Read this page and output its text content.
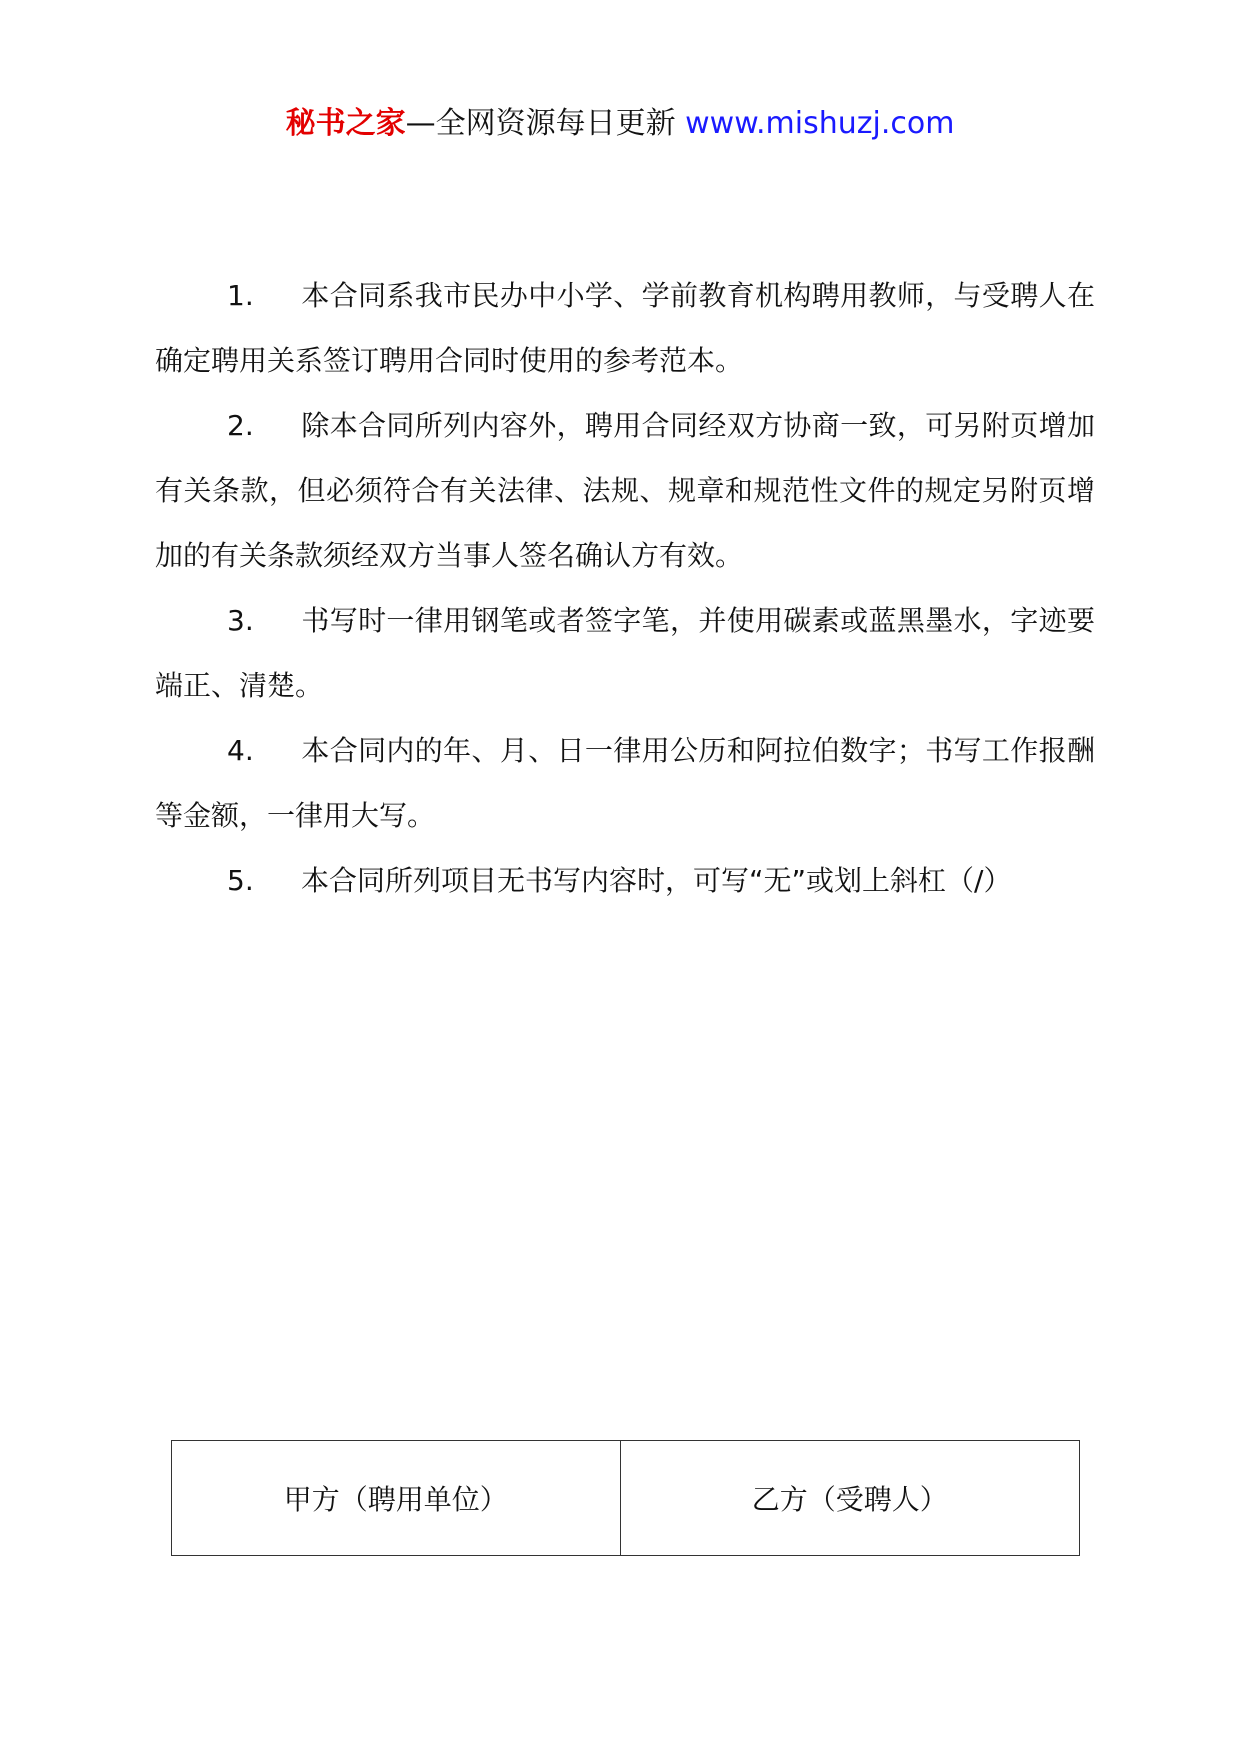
秘书之家—全网资源每日更新 www.mishuzj.com

1. 本合同系我市民办中小学、学前教育机构聘用教师，与受聘人在确定聘用关系签订聘用合同时使用的参考范本。

2. 除本合同所列内容外，聘用合同经双方协商一致，可另附页增加有关条款，但必须符合有关法律、法规、规章和规范性文件的规定另附页增加的有关条款须经双方当事人签名确认方有效。

3. 书写时一律用钢笔或者签字笔，并使用碳素或蓝黑墨水，字迹要端正、清楚。

4. 本合同内的年、月、日一律用公历和阿拉伯数字；书写工作报酬等金额，一律用大写。

5. 本合同所列项目无书写内容时，可写“无”或划上斜杠（/）

甲方（聘用单位）	乙方（受聘人）
